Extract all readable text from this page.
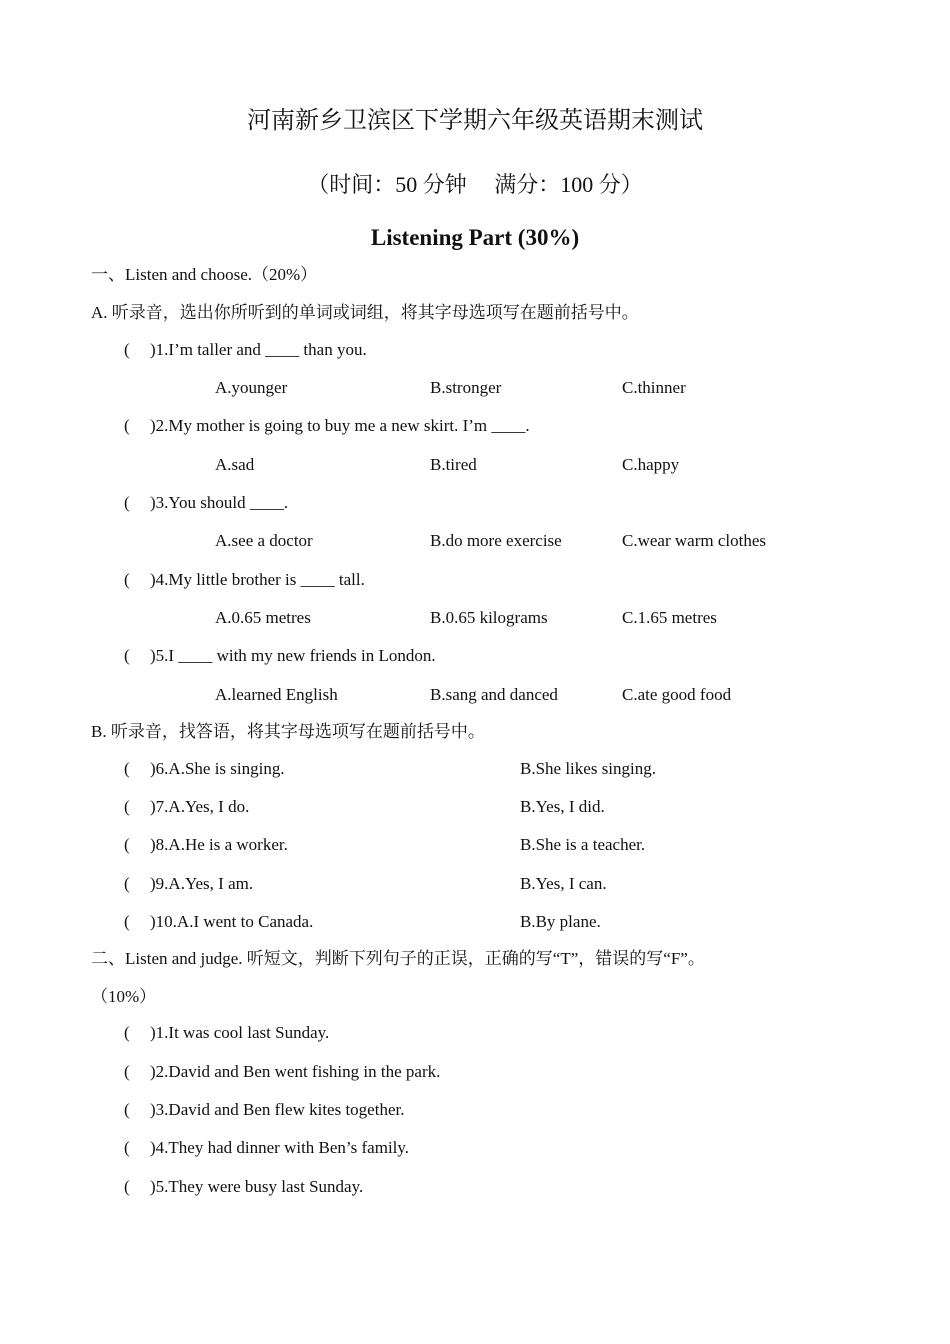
河南新乡卫滨区下学期六年级英语期末测试
（时间：50 分钟　 满分：100 分）
Listening Part (30%)
一、Listen and choose.（20%）
A. 听录音，选出你所听到的单词或词组，将其字母选项写在题前括号中。
( )1.I’m taller and ____ than you.
A.younger	B.stronger	C.thinner
( )2.My mother is going to buy me a new skirt. I’m ____.
A.sad	B.tired	C.happy
( )3.You should ____.
A.see a doctor	B.do more exercise	C.wear warm clothes
( )4.My little brother is ____ tall.
A.0.65 metres	B.0.65 kilograms	C.1.65 metres
( )5.I ____ with my new friends in London.
A.learned English	B.sang and danced	C.ate good food
B. 听录音，找答语，将其字母选项写在题前括号中。
( )6.A.She is singing.	B.She likes singing.
( )7.A.Yes, I do.	B.Yes, I did.
( )8.A.He is a worker.	B.She is a teacher.
( )9.A.Yes, I am.	B.Yes, I can.
( )10.A.I went to Canada.	B.By plane.
二、Listen and judge. 听短文，判断下列句子的正误，正确的写“T”，错误的写“F”。
（10%）
( )1.It was cool last Sunday.
( )2.David and Ben went fishing in the park.
( )3.David and Ben flew kites together.
( )4.They had dinner with Ben’s family.
( )5.They were busy last Sunday.
